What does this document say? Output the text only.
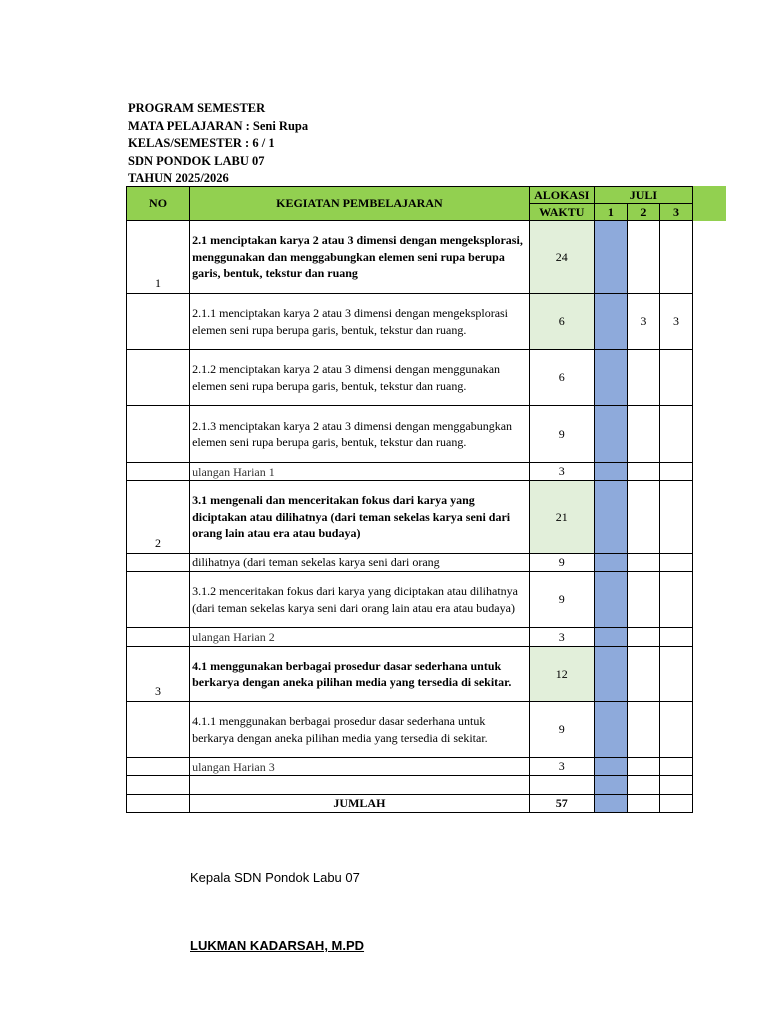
PROGRAM SEMESTER
MATA PELAJARAN : Seni Rupa
KELAS/SEMESTER : 6 / 1
SDN PONDOK LABU 07
TAHUN 2025/2026
NO	KEGIATAN PEMBELAJARAN	ALOKASI	JULI		
		WAKTU	1	2	3
1	2.1 menciptakan karya 2 atau 3 dimensi dengan mengeksplorasi, menggunakan dan menggabungkan elemen seni rupa berupa garis, bentuk, tekstur dan ruang	24			
	2.1.1 menciptakan karya 2 atau 3 dimensi dengan mengeksplorasi elemen seni rupa berupa garis, bentuk, tekstur dan ruang.	6		3	3
	2.1.2 menciptakan karya 2 atau 3 dimensi dengan menggunakan elemen seni rupa berupa garis, bentuk, tekstur dan ruang.	6			
	2.1.3 menciptakan karya 2 atau 3 dimensi dengan menggabungkan elemen seni rupa berupa garis, bentuk, tekstur dan ruang.	9			
	ulangan Harian 1	3			
2	3.1 mengenali dan menceritakan fokus dari karya yang diciptakan atau dilihatnya (dari teman sekelas karya seni dari orang lain atau era atau budaya)	21			
	dilihatnya (dari teman sekelas karya seni dari orang	9			
	3.1.2 menceritakan fokus dari karya yang diciptakan atau dilihatnya (dari teman sekelas karya seni dari orang lain atau era atau budaya)	9			
	ulangan Harian 2	3			
3	4.1 menggunakan berbagai prosedur dasar sederhana untuk berkarya dengan aneka pilihan media yang tersedia di sekitar.	12			
	4.1.1 menggunakan berbagai prosedur dasar sederhana untuk berkarya dengan aneka pilihan media yang tersedia di sekitar.	9			
	ulangan Harian 3	3			

	JUMLAH	57			
Kepala SDN Pondok Labu 07
LUKMAN KADARSAH, M.PD
